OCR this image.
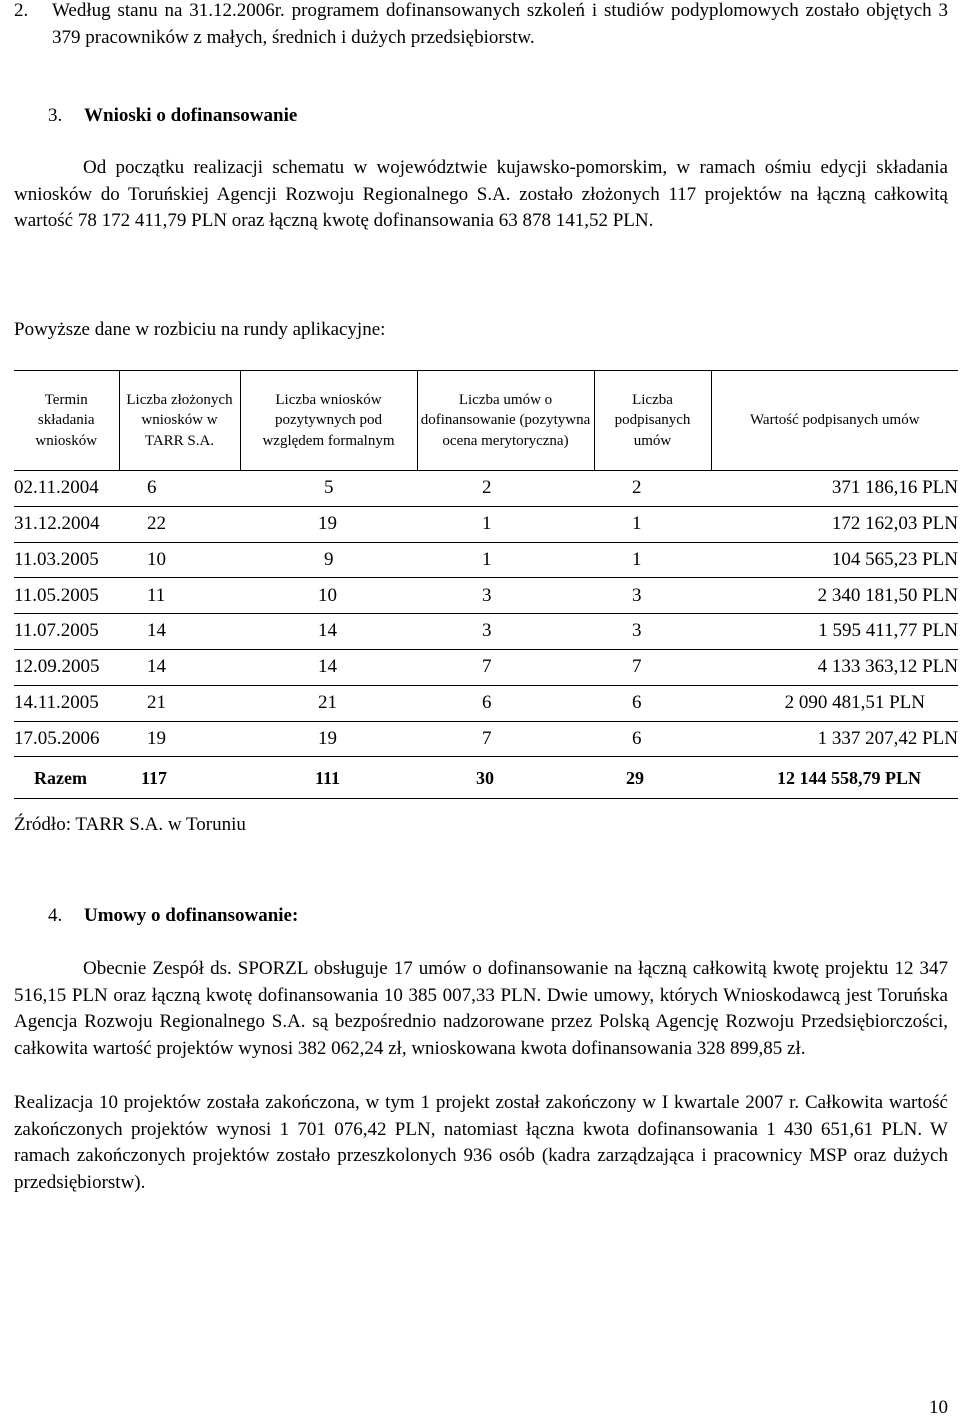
2.	Według stanu na 31.12.2006r. programem dofinansowanych szkoleń i studiów podyplomowych zostało objętych 3 379 pracowników z małych, średnich i dużych przedsiębiorstw.
3. Wnioski o dofinansowanie
Od początku realizacji schematu w województwie kujawsko-pomorskim, w ramach ośmiu edycji składania wniosków do Toruńskiej Agencji Rozwoju Regionalnego S.A. zostało złożonych 117 projektów na łączną całkowitą wartość 78 172 411,79 PLN oraz łączną kwotę dofinansowania 63 878 141,52 PLN.
Powyższe dane w rozbiciu na rundy aplikacyjne:
Termin składania wniosków	Liczba złożonych wniosków w TARR S.A.	Liczba wniosków pozytywnych pod względem formalnym	Liczba umów o dofinansowanie (pozytywna ocena merytoryczna)	Liczba podpisanych umów	Wartość podpisanych umów
02.11.2004	6	5	2	2	371 186,16 PLN
31.12.2004	22	19	1	1	172 162,03 PLN
11.03.2005	10	9	1	1	104 565,23 PLN
11.05.2005	11	10	3	3	2 340 181,50 PLN
11.07.2005	14	14	3	3	1 595 411,77 PLN
12.09.2005	14	14	7	7	4 133 363,12 PLN
14.11.2005	21	21	6	6	2 090 481,51 PLN
17.05.2006	19	19	7	6	1 337 207,42 PLN
Razem	117	111	30	29	12 144 558,79 PLN
Źródło: TARR S.A. w Toruniu
4. Umowy o dofinansowanie:
Obecnie Zespół ds. SPORZL obsługuje 17 umów o dofinansowanie na łączną całkowitą kwotę projektu 12 347 516,15 PLN oraz łączną kwotę dofinansowania 10 385 007,33 PLN. Dwie umowy, których Wnioskodawcą jest Toruńska Agencja Rozwoju Regionalnego S.A. są bezpośrednio nadzorowane przez Polską Agencję Rozwoju Przedsiębiorczości, całkowita wartość projektów wynosi 382 062,24 zł, wnioskowana kwota dofinansowania 328 899,85 zł.
Realizacja 10 projektów została zakończona, w tym 1 projekt został zakończony w I kwartale 2007 r. Całkowita wartość zakończonych projektów wynosi 1 701 076,42 PLN, natomiast łączna kwota dofinansowania 1 430 651,61 PLN. W ramach zakończonych projektów zostało przeszkolonych 936 osób (kadra zarządzająca i pracownicy MSP oraz dużych przedsiębiorstw).
10
